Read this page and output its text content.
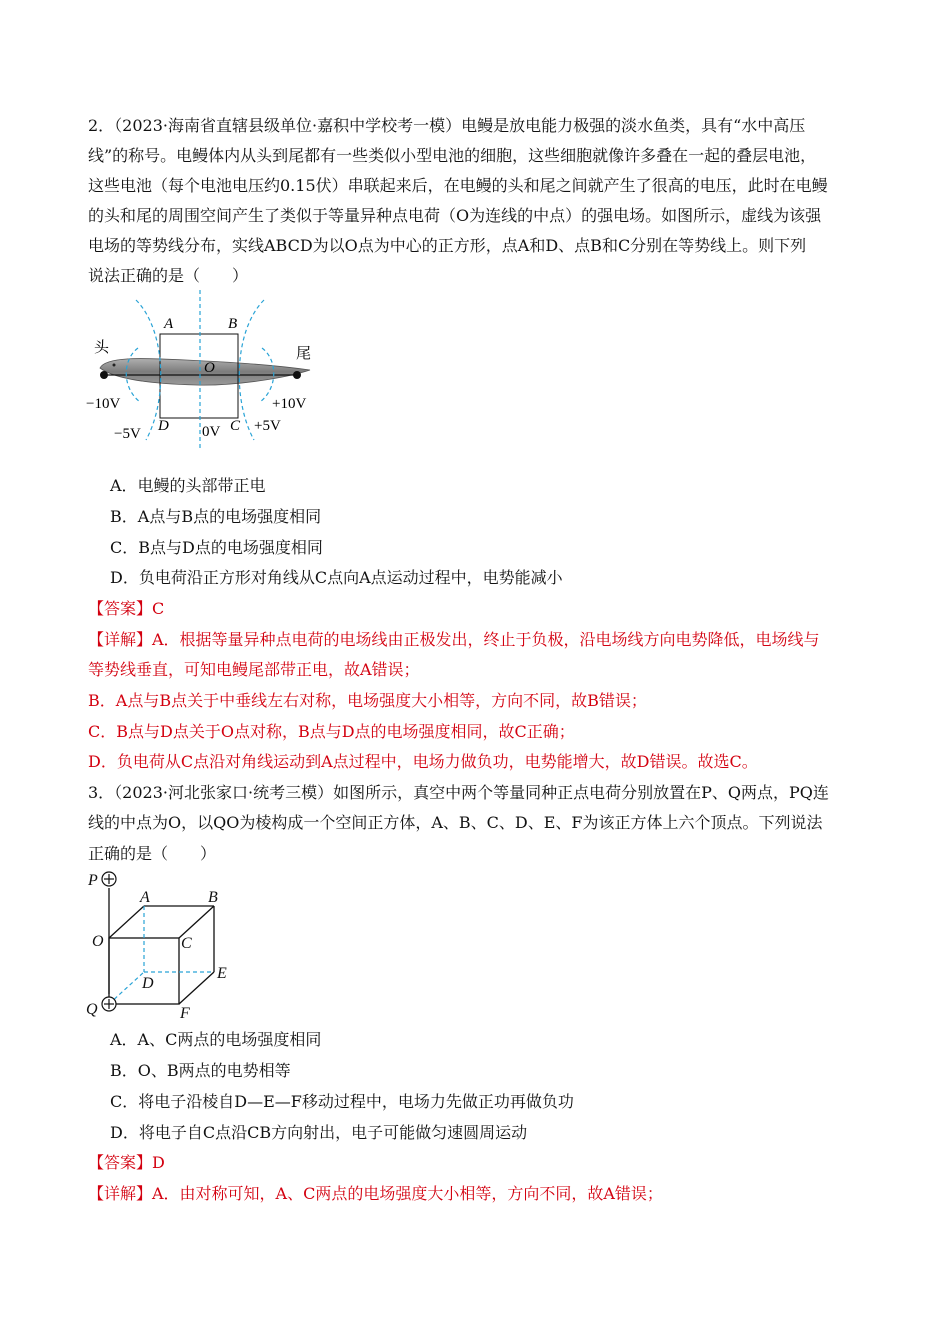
2．（2023·海南省直辖县级单位·嘉积中学校考一模）电鳗是放电能力极强的淡水鱼类，具有“水中高压
线”的称号。电鳗体内从头到尾都有一些类似小型电池的细胞，这些细胞就像许多叠在一起的叠层电池，
这些电池（每个电池电压约0.15伏）串联起来后，在电鳗的头和尾之间就产生了很高的电压，此时在电鳗
的头和尾的周围空间产生了类似于等量异种点电荷（O为连线的中点）的强电场。如图所示，虚线为该强
电场的等势线分布，实线ABCD为以O点为中心的正方形，点A和D、点B和C分别在等势线上。则下列
说法正确的是（　　）
头	尾
A	B
O
D	C
−10V
−5V	0V +5V
+10V
A．电鳗的头部带正电
B．A点与B点的电场强度相同
C．B点与D点的电场强度相同
D．负电荷沿正方形对角线从C点向A点运动过程中，电势能减小
【答案】C
【详解】A．根据等量异种点电荷的电场线由正极发出，终止于负极，沿电场线方向电势降低，电场线与
等势线垂直，可知电鳗尾部带正电，故A错误；
B．A点与B点关于中垂线左右对称，电场强度大小相等，方向不同，故B错误；
C．B点与D点关于O点对称，B点与D点的电场强度相同，故C正确；
D．负电荷从C点沿对角线运动到A点过程中，电场力做负功，电势能增大，故D错误。故选C。
3．（2023·河北张家口·统考三模）如图所示，真空中两个等量同种正点电荷分别放置在P、Q两点，PQ连
线的中点为O，以QO为棱构成一个空间正方体，A、B、C、D、E、F为该正方体上六个顶点。下列说法
正确的是（　　）
P
Q
O
A	B
C
D
E
F
A．A、C两点的电场强度相同
B．O、B两点的电势相等
C．将电子沿棱自D—E—F移动过程中，电场力先做正功再做负功
D．将电子自C点沿CB方向射出，电子可能做匀速圆周运动
【答案】D
【详解】A．由对称可知，A、C两点的电场强度大小相等，方向不同，故A错误；
